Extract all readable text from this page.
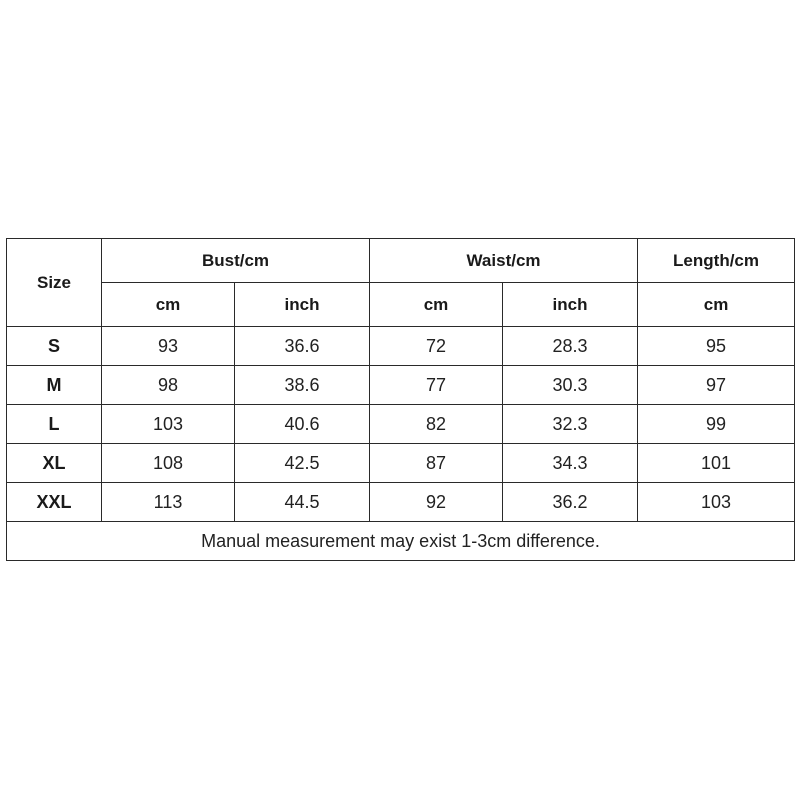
Size	Bust/cm		Waist/cm		Length/cm
	cm	inch	cm	inch	cm
S	93	36.6	72	28.3	95
M	98	38.6	77	30.3	97
L	103	40.6	82	32.3	99
XL	108	42.5	87	34.3	101
XXL	113	44.5	92	36.2	103
Manual measurement may exist 1-3cm difference.					
